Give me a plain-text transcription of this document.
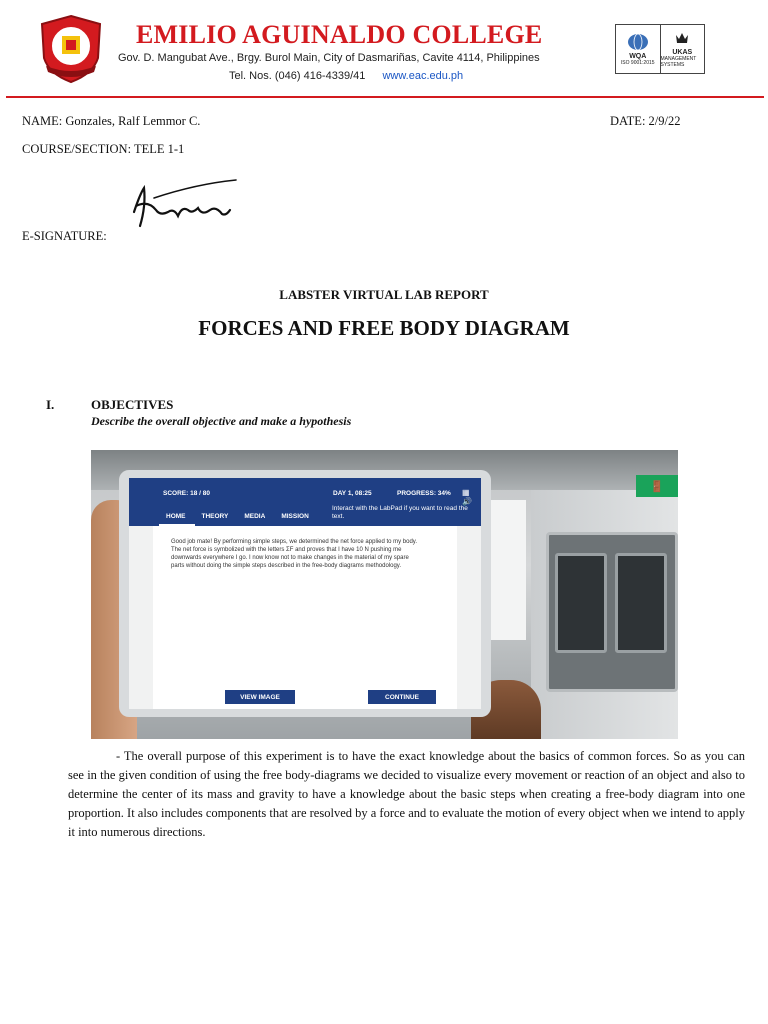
EMILIO AGUINALDO COLLEGE
Gov. D. Mangubat Ave., Brgy. Burol Main, City of Dasmariñas, Cavite 4114, Philippines
Tel. Nos. (046) 416-4339/41 www.eac.edu.ph
WQA
ISO 9001:2015
UKAS
MANAGEMENT SYSTEMS
NAME: Gonzales, Ralf Lemmor C.	DATE: 2/9/22
COURSE/SECTION: TELE 1-1
E-SIGNATURE:
LABSTER VIRTUAL LAB REPORT
FORCES AND FREE BODY DIAGRAM
I.	OBJECTIVES
Describe the overall objective and make a hypothesis
🚪
SCORE: 18 / 80	DAY 1, 08:25	PROGRESS: 34% ▦ 🔊
HOME	THEORY	MEDIA	MISSION
Interact with the LabPad if you want to read the text.
Good job mate! By performing simple steps, we determined the net force applied to my body. The net force is symbolized with the letters ΣF and proves that I have 10 N pushing me downwards everywhere I go. I now know not to make changes in the material of my spare parts without doing the simple steps described in the free-body diagrams methodology.
VIEW IMAGE	CONTINUE
- The overall purpose of this experiment is to have the exact knowledge about the basics of common forces. So as you can see in the given condition of using the free body-diagrams we decided to visualize every movement or reaction of an object and also to determine the center of its mass and gravity to have a knowledge about the basic steps when creating a free-body diagram into one proportion. It also includes components that are resolved by a force and to evaluate the motion of every object when we intend to apply it into numerous directions.
